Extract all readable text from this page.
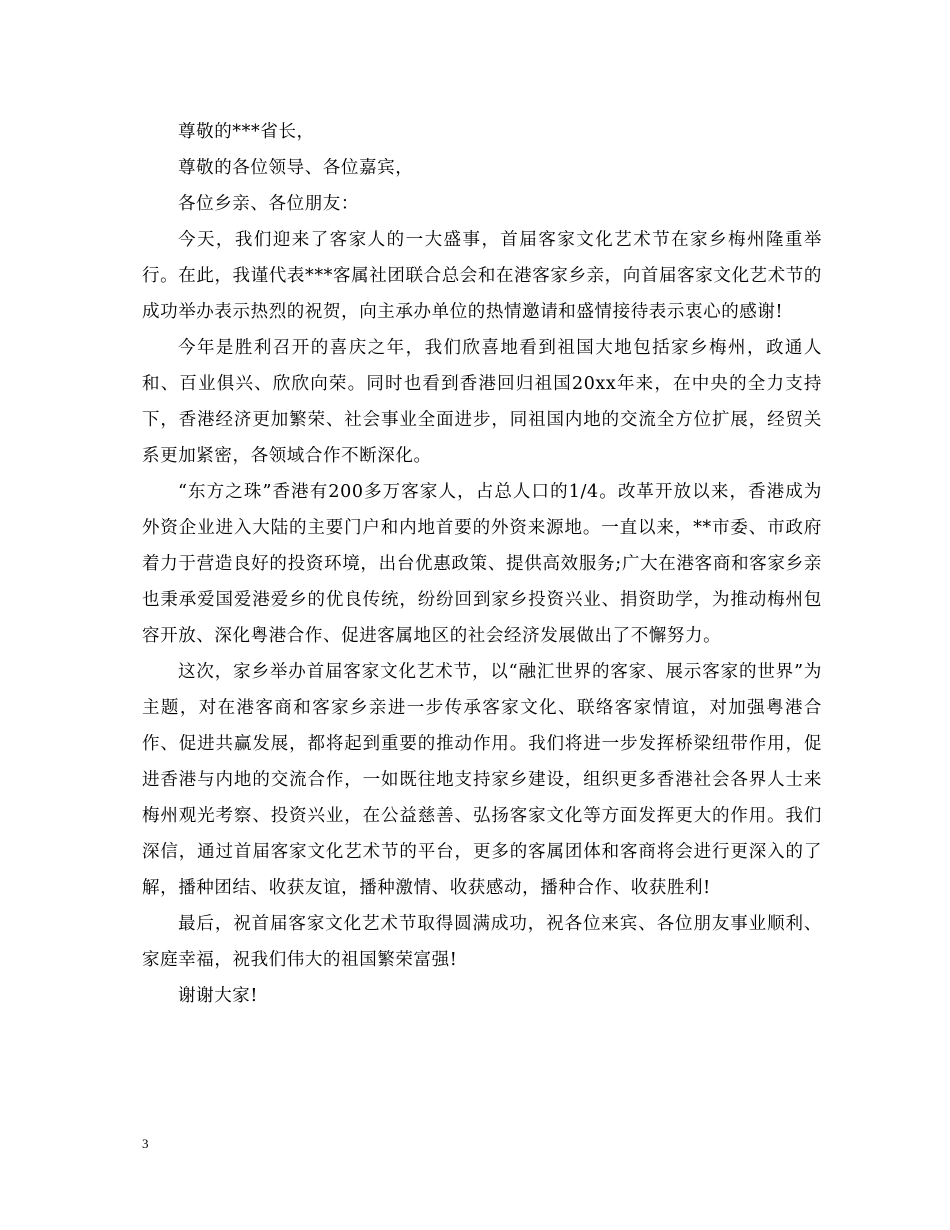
尊敬的***省长，

尊敬的各位领导、各位嘉宾，

各位乡亲、各位朋友：

今天，我们迎来了客家人的一大盛事，首届客家文化艺术节在家乡梅州隆重举行。在此，我谨代表***客属社团联合总会和在港客家乡亲，向首届客家文化艺术节的成功举办表示热烈的祝贺，向主承办单位的热情邀请和盛情接待表示衷心的感谢!

今年是胜利召开的喜庆之年，我们欣喜地看到祖国大地包括家乡梅州，政通人和、百业俱兴、欣欣向荣。同时也看到香港回归祖国20xx年来，在中央的全力支持下，香港经济更加繁荣、社会事业全面进步，同祖国内地的交流全方位扩展，经贸关系更加紧密，各领域合作不断深化。

“东方之珠”香港有200多万客家人，占总人口的1/4。改革开放以来，香港成为外资企业进入大陆的主要门户和内地首要的外资来源地。一直以来，**市委、市政府着力于营造良好的投资环境，出台优惠政策、提供高效服务;广大在港客商和客家乡亲也秉承爱国爱港爱乡的优良传统，纷纷回到家乡投资兴业、捐资助学，为推动梅州包容开放、深化粤港合作、促进客属地区的社会经济发展做出了不懈努力。

这次，家乡举办首届客家文化艺术节，以“融汇世界的客家、展示客家的世界”为主题，对在港客商和客家乡亲进一步传承客家文化、联络客家情谊，对加强粤港合作、促进共赢发展，都将起到重要的推动作用。我们将进一步发挥桥梁纽带作用，促进香港与内地的交流合作，一如既往地支持家乡建设，组织更多香港社会各界人士来梅州观光考察、投资兴业，在公益慈善、弘扬客家文化等方面发挥更大的作用。我们深信，通过首届客家文化艺术节的平台，更多的客属团体和客商将会进行更深入的了解，播种团结、收获友谊，播种激情、收获感动，播种合作、收获胜利!

最后，祝首届客家文化艺术节取得圆满成功，祝各位来宾、各位朋友事业顺利、家庭幸福，祝我们伟大的祖国繁荣富强!

谢谢大家!

3
